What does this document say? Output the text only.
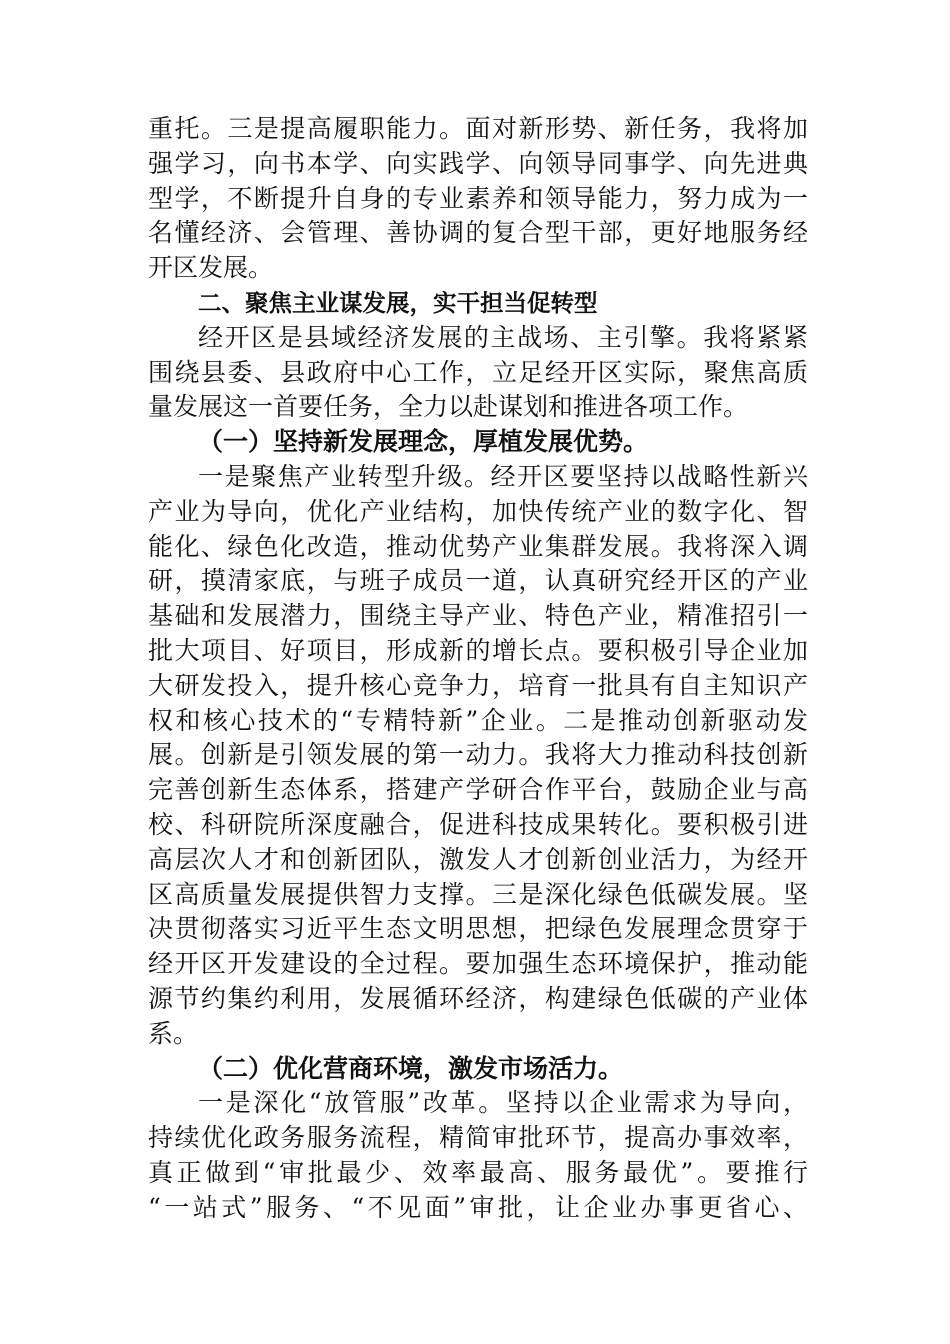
重托。三是提高履职能力。面对新形势、新任务，我将加
强学习，向书本学、向实践学、向领导同事学、向先进典
型学，不断提升自身的专业素养和领导能力，努力成为一
名懂经济、会管理、善协调的复合型干部，更好地服务经
开区发展。
二、聚焦主业谋发展，实干担当促转型
经开区是县域经济发展的主战场、主引擎。我将紧紧
围绕县委、县政府中心工作，立足经开区实际，聚焦高质
量发展这一首要任务，全力以赴谋划和推进各项工作。
（一）坚持新发展理念，厚植发展优势。
一是聚焦产业转型升级。经开区要坚持以战略性新兴
产业为导向，优化产业结构，加快传统产业的数字化、智
能化、绿色化改造，推动优势产业集群发展。我将深入调
研，摸清家底，与班子成员一道，认真研究经开区的产业
基础和发展潜力，围绕主导产业、特色产业，精准招引一
批大项目、好项目，形成新的增长点。要积极引导企业加
大研发投入，提升核心竞争力，培育一批具有自主知识产
权和核心技术的“专精特新”企业。二是推动创新驱动发
展。创新是引领发展的第一动力。我将大力推动科技创新
完善创新生态体系，搭建产学研合作平台，鼓励企业与高
校、科研院所深度融合，促进科技成果转化。要积极引进
高层次人才和创新团队，激发人才创新创业活力，为经开
区高质量发展提供智力支撑。三是深化绿色低碳发展。坚
决贯彻落实习近平生态文明思想，把绿色发展理念贯穿于
经开区开发建设的全过程。要加强生态环境保护，推动能
源节约集约利用，发展循环经济，构建绿色低碳的产业体
系。
（二）优化营商环境，激发市场活力。
一是深化“放管服”改革。坚持以企业需求为导向，
持续优化政务服务流程，精简审批环节，提高办事效率，
真正做到“审批最少、效率最高、服务最优”。要推行
“一站式”服务、“不见面”审批，让企业办事更省心、
